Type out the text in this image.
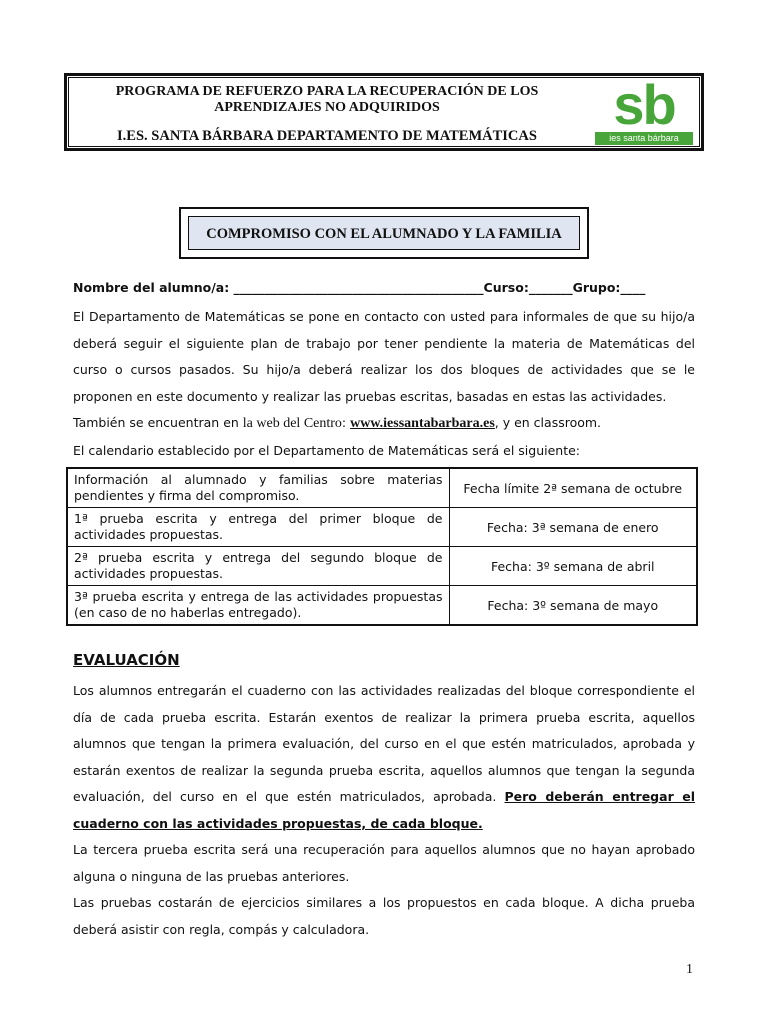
PROGRAMA DE REFUERZO PARA LA RECUPERACIÓN DE LOS
APRENDIZAJES NO ADQUIRIDOS
I.ES. SANTA BÁRBARA DEPARTAMENTO DE MATEMÁTICAS	sb
ies santa bárbara
COMPROMISO CON EL ALUMNADO Y LA FAMILIA
Nombre del alumno/a: ________________________________________Curso:_______Grupo:____

El Departamento de Matemáticas se pone en contacto con usted para informales de que su hijo/a deberá seguir el siguiente plan de trabajo por tener pendiente la materia de Matemáticas del curso o cursos pasados. Su hijo/a deberá realizar los dos bloques de actividades que se le proponen en este documento y realizar las pruebas escritas, basadas en estas las actividades.

También se encuentran en la web del Centro: www.iessantabarbara.es, y en classroom.

El calendario establecido por el Departamento de Matemáticas será el siguiente:

Información al alumnado y familias sobre materias pendientes y firma del compromiso.	Fecha límite 2ª semana de octubre
1ª prueba escrita y entrega del primer bloque de actividades propuestas.	Fecha: 3ª semana de enero
2ª prueba escrita y entrega del segundo bloque de actividades propuestas.	Fecha: 3º semana de abril
3ª prueba escrita y entrega de las actividades propuestas (en caso de no haberlas entregado).	Fecha: 3º semana de mayo
EVALUACIÓN

Los alumnos entregarán el cuaderno con las actividades realizadas del bloque correspondiente el día de cada prueba escrita. Estarán exentos de realizar la primera prueba escrita, aquellos alumnos que tengan la primera evaluación, del curso en el que estén matriculados, aprobada y estarán exentos de realizar la segunda prueba escrita, aquellos alumnos que tengan la segunda evaluación, del curso en el que estén matriculados, aprobada. Pero deberán entregar el cuaderno con las actividades propuestas, de cada bloque.

La tercera prueba escrita será una recuperación para aquellos alumnos que no hayan aprobado alguna o ninguna de las pruebas anteriores.

Las pruebas costarán de ejercicios similares a los propuestos en cada bloque. A dicha prueba deberá asistir con regla, compás y calculadora.

1
